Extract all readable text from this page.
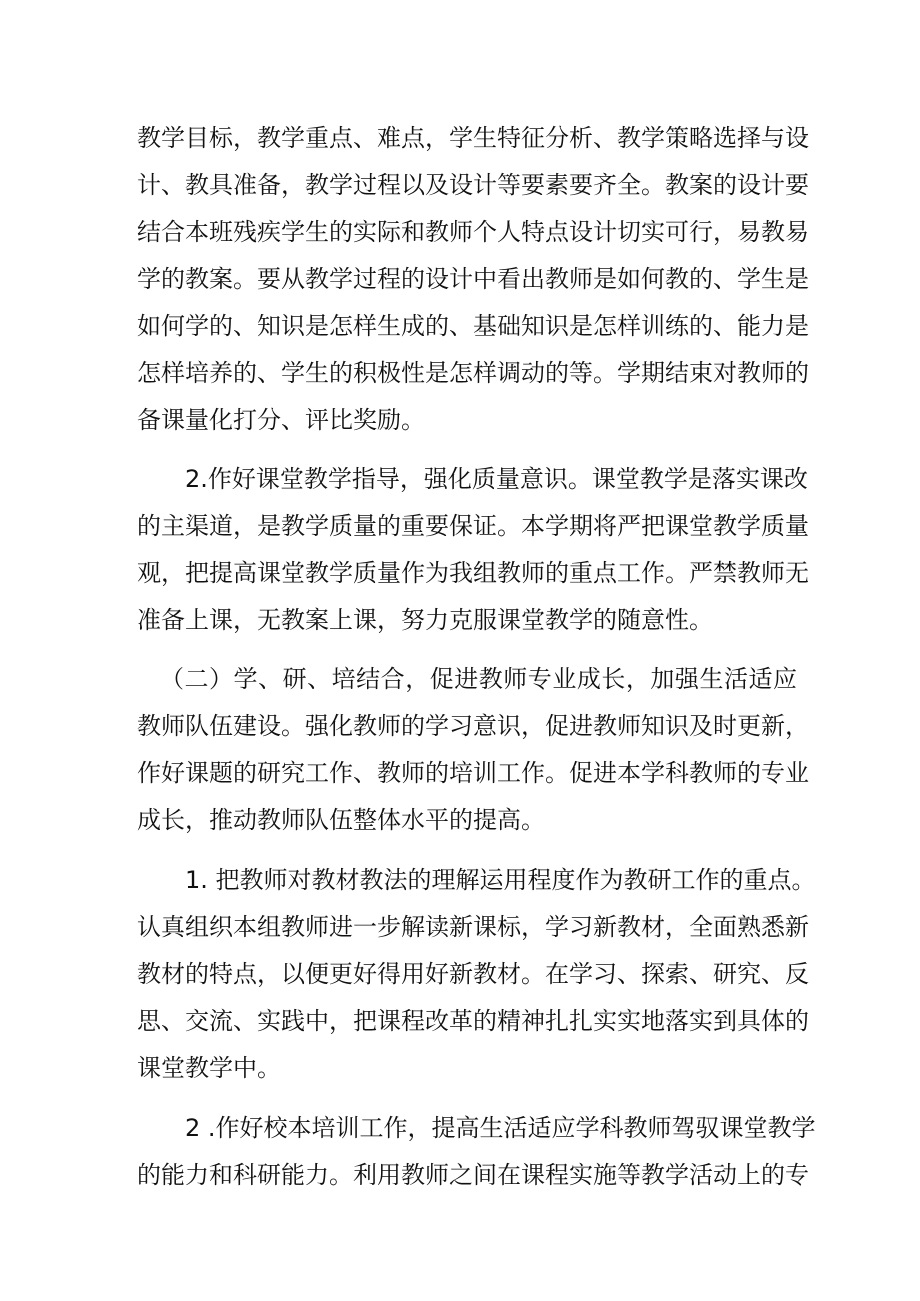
教学目标，教学重点、难点，学生特征分析、教学策略选择与设
计、教具准备，教学过程以及设计等要素要齐全。教案的设计要
结合本班残疾学生的实际和教师个人特点设计切实可行，易教易
学的教案。要从教学过程的设计中看出教师是如何教的、学生是
如何学的、知识是怎样生成的、基础知识是怎样训练的、能力是
怎样培养的、学生的积极性是怎样调动的等。学期结束对教师的
备课量化打分、评比奖励。
2.作好课堂教学指导，强化质量意识。课堂教学是落实课改
的主渠道，是教学质量的重要保证。本学期将严把课堂教学质量
观，把提高课堂教学质量作为我组教师的重点工作。严禁教师无
准备上课，无教案上课，努力克服课堂教学的随意性。
（二）学、研、培结合，促进教师专业成长，加强生活适应
教师队伍建设。强化教师的学习意识，促进教师知识及时更新，
作好课题的研究工作、教师的培训工作。促进本学科教师的专业
成长，推动教师队伍整体水平的提高。
1. 把教师对教材教法的理解运用程度作为教研工作的重点。
认真组织本组教师进一步解读新课标，学习新教材，全面熟悉新
教材的特点，以便更好得用好新教材。在学习、探索、研究、反
思、交流、实践中，把课程改革的精神扎扎实实地落实到具体的
课堂教学中。
2 .作好校本培训工作，提高生活适应学科教师驾驭课堂教学
的能力和科研能力。利用教师之间在课程实施等教学活动上的专
